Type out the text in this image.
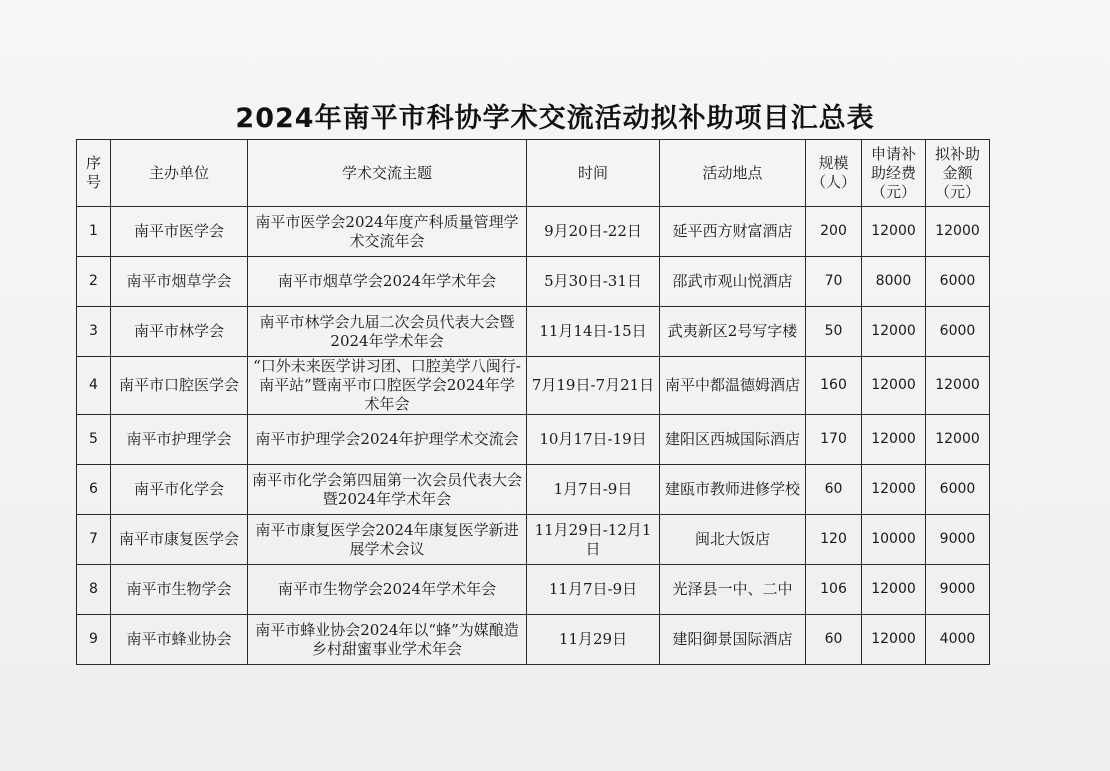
2024年南平市科协学术交流活动拟补助项目汇总表
序号	主办单位	学术交流主题	时间	活动地点	规模（人）	申请补助经费（元）	拟补助金额（元）
1	南平市医学会	南平市医学会2024年度产科质量管理学术交流年会	9月20日-22日	延平西方财富酒店	200	12000	12000
2	南平市烟草学会	南平市烟草学会2024年学术年会	5月30日-31日	邵武市观山悦酒店	70	8000	6000
3	南平市林学会	南平市林学会九届二次会员代表大会暨2024年学术年会	11月14日-15日	武夷新区2号写字楼	50	12000	6000
4	南平市口腔医学会	“口外未来医学讲习团、口腔美学八闽行-南平站”暨南平市口腔医学会2024年学术年会	7月19日-7月21日	南平中都温德姆酒店	160	12000	12000
5	南平市护理学会	南平市护理学会2024年护理学术交流会	10月17日-19日	建阳区西城国际酒店	170	12000	12000
6	南平市化学会	南平市化学会第四届第一次会员代表大会暨2024年学术年会	1月7日-9日	建瓯市教师进修学校	60	12000	6000
7	南平市康复医学会	南平市康复医学会2024年康复医学新进展学术会议	11月29日-12月1日	闽北大饭店	120	10000	9000
8	南平市生物学会	南平市生物学会2024年学术年会	11月7日-9日	光泽县一中、二中	106	12000	9000
9	南平市蜂业协会	南平市蜂业协会2024年以“蜂”为媒酿造乡村甜蜜事业学术年会	11月29日	建阳御景国际酒店	60	12000	4000
